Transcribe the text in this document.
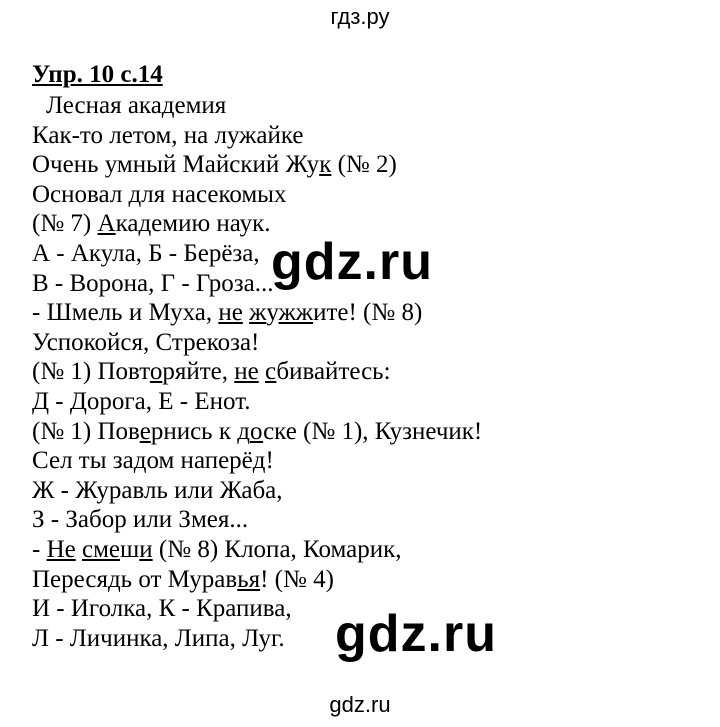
гдз.ру
Упр. 10 с.14
Лесная академия
Как-то летом, на лужайке
Очень умный Майский Жук (№ 2)
Основал для насекомых
(№ 7) Академию наук.
А - Акула, Б - Берёза,
В - Ворона, Г - Гроза...
- Шмель и Муха, не жужжите! (№ 8)
Успокойся, Стрекоза!
(№ 1) Повторяйте, не сбивайтесь:
Д - Дорога, Е - Енот.
(№ 1) Повернись к доске (№ 1), Кузнечик!
Сел ты задом наперёд!
Ж - Журавль или Жаба,
З - Забор или Змея...
- Не смеши (№ 8) Клопа, Комарик,
Пересядь от Муравья! (№ 4)
И - Иголка, К - Крапива,
Л - Личинка, Липа, Луг.
gdz.ru
gdz.ru
gdz.ru
